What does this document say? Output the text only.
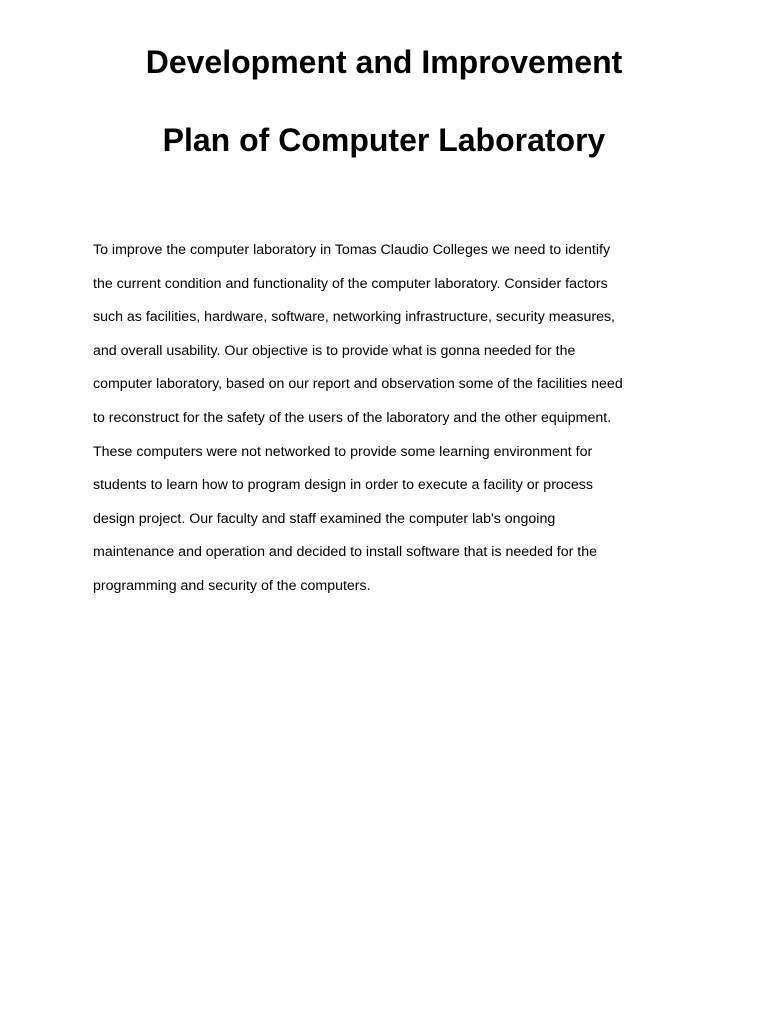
Development and Improvement
Plan of Computer Laboratory

To improve the computer laboratory in Tomas Claudio Colleges we need to identify
the current condition and functionality of the computer laboratory. Consider factors
such as facilities, hardware, software, networking infrastructure, security measures,
and overall usability. Our objective is to provide what is gonna needed for the
computer laboratory, based on our report and observation some of the facilities need
to reconstruct for the safety of the users of the laboratory and the other equipment.
These computers were not networked to provide some learning environment for
students to learn how to program design in order to execute a facility or process
design project. Our faculty and staff examined the computer lab's ongoing
maintenance and operation and decided to install software that is needed for the
programming and security of the computers.
